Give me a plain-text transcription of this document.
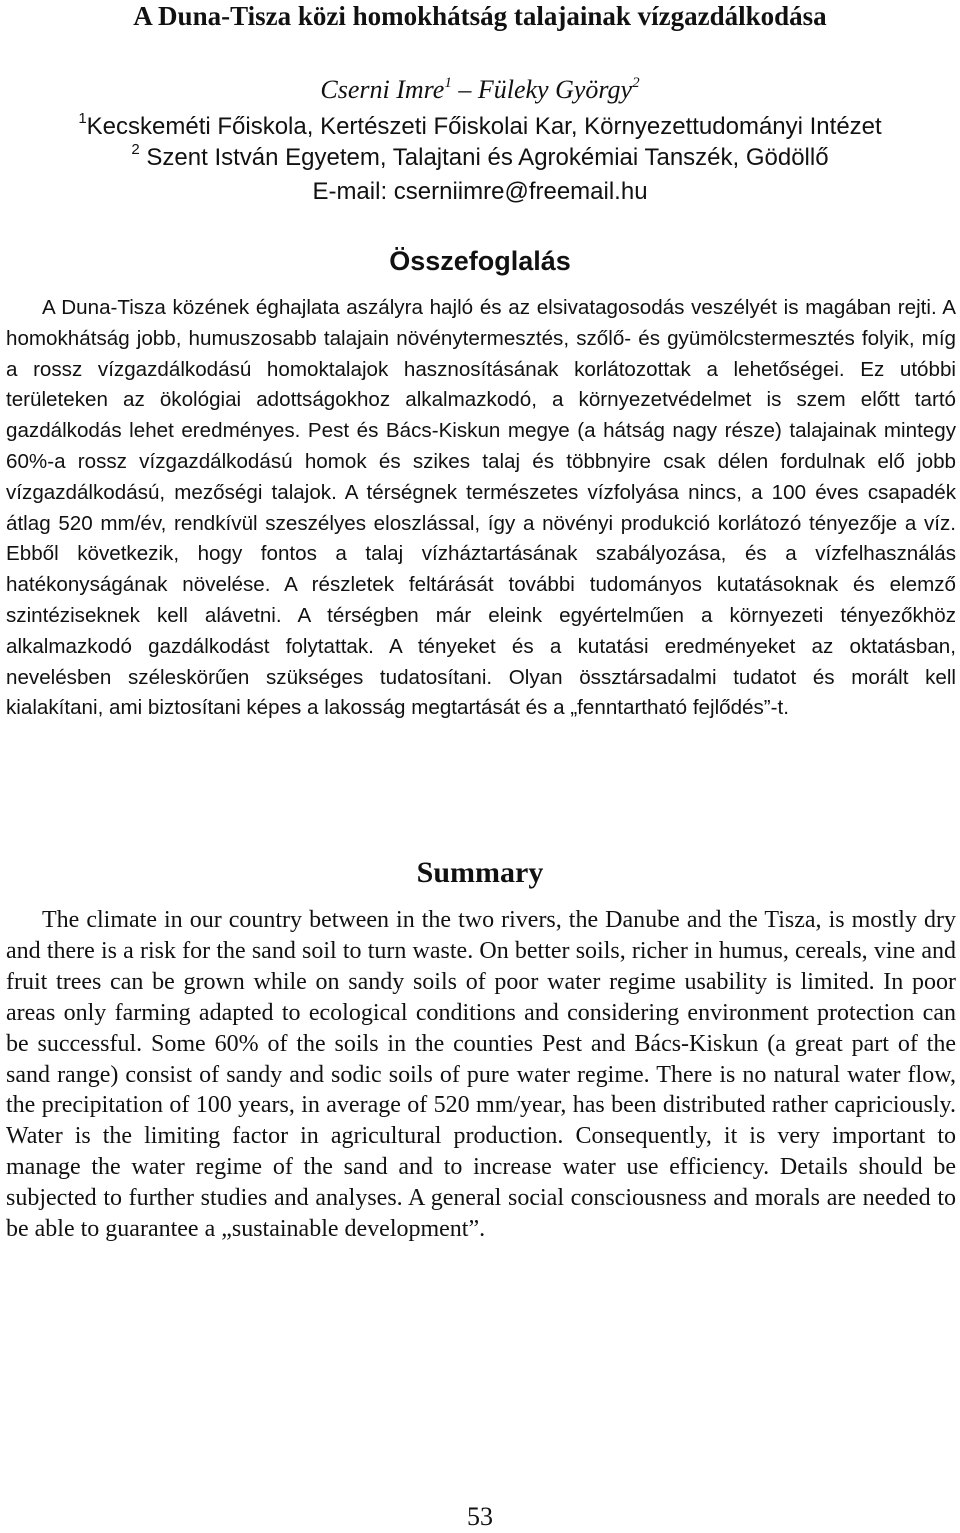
A Duna-Tisza közi homokhátság talajainak vízgazdálkodása
Cserni Imre$^1$ – Füleky György$^2$
$^1$Kecskeméti Főiskola, Kertészeti Főiskolai Kar, Környezettudományi Intézet
$^2$ Szent István Egyetem, Talajtani és Agrokémiai Tanszék, Gödöllő
E-mail: cserniimre@freemail.hu
Összefoglalás

A Duna-Tisza közének éghajlata aszályra hajló és az elsivatagosodás veszélyét is magában rejti. A homokhátság jobb, humuszosabb talajain növénytermesztés, szőlő- és gyümölcstermesztés folyik, míg a rossz vízgazdálkodású homoktalajok hasznosításának korlátozottak a lehetőségei. Ez utóbbi területeken az ökológiai adottságokhoz alkalmazkodó, a környezetvédelmet is szem előtt tartó gazdálkodás lehet eredményes. Pest és Bács-Kiskun megye (a hátság nagy része) talajainak mintegy 60%-a rossz vízgazdálkodású homok és szikes talaj és többnyire csak délen fordulnak elő jobb vízgazdálkodású, mezőségi talajok. A térségnek természetes vízfolyása nincs, a 100 éves csapadék átlag 520 mm/év, rendkívül szeszélyes eloszlással, így a növényi produkció korlátozó tényezője a víz. Ebből következik, hogy fontos a talaj vízháztartásának szabályozása, és a vízfelhasználás hatékonyságának növelése. A részletek feltárását további tudományos kutatásoknak és elemző szintéziseknek kell alávetni. A térségben már eleink egyértelműen a környezeti tényezőkhöz alkalmazkodó gazdálkodást folytattak. A tényeket és a kutatási eredményeket az oktatásban, nevelésben széleskörűen szükséges tudatosítani. Olyan össztársadalmi tudatot és morált kell kialakítani, ami biztosítani képes a lakosság megtartását és a „fenntartható fejlődés”-t.

Summary

The climate in our country between in the two rivers, the Danube and the Tisza, is mostly dry and there is a risk for the sand soil to turn waste. On better soils, richer in humus, cereals, vine and fruit trees can be grown while on sandy soils of poor water regime usability is limited. In poor areas only farming adapted to ecological conditions and considering environment protection can be successful. Some 60% of the soils in the counties Pest and Bács-Kiskun (a great part of the sand range) consist of sandy and sodic soils of pure water regime. There is no natural water flow, the precipitation of 100 years, in average of 520 mm/year, has been distributed rather capriciously. Water is the limiting factor in agricultural production. Consequently, it is very important to manage the water regime of the sand and to increase water use efficiency. Details should be subjected to further studies and analyses. A general social consciousness and morals are needed to be able to guarantee a „sustainable development”.

53
